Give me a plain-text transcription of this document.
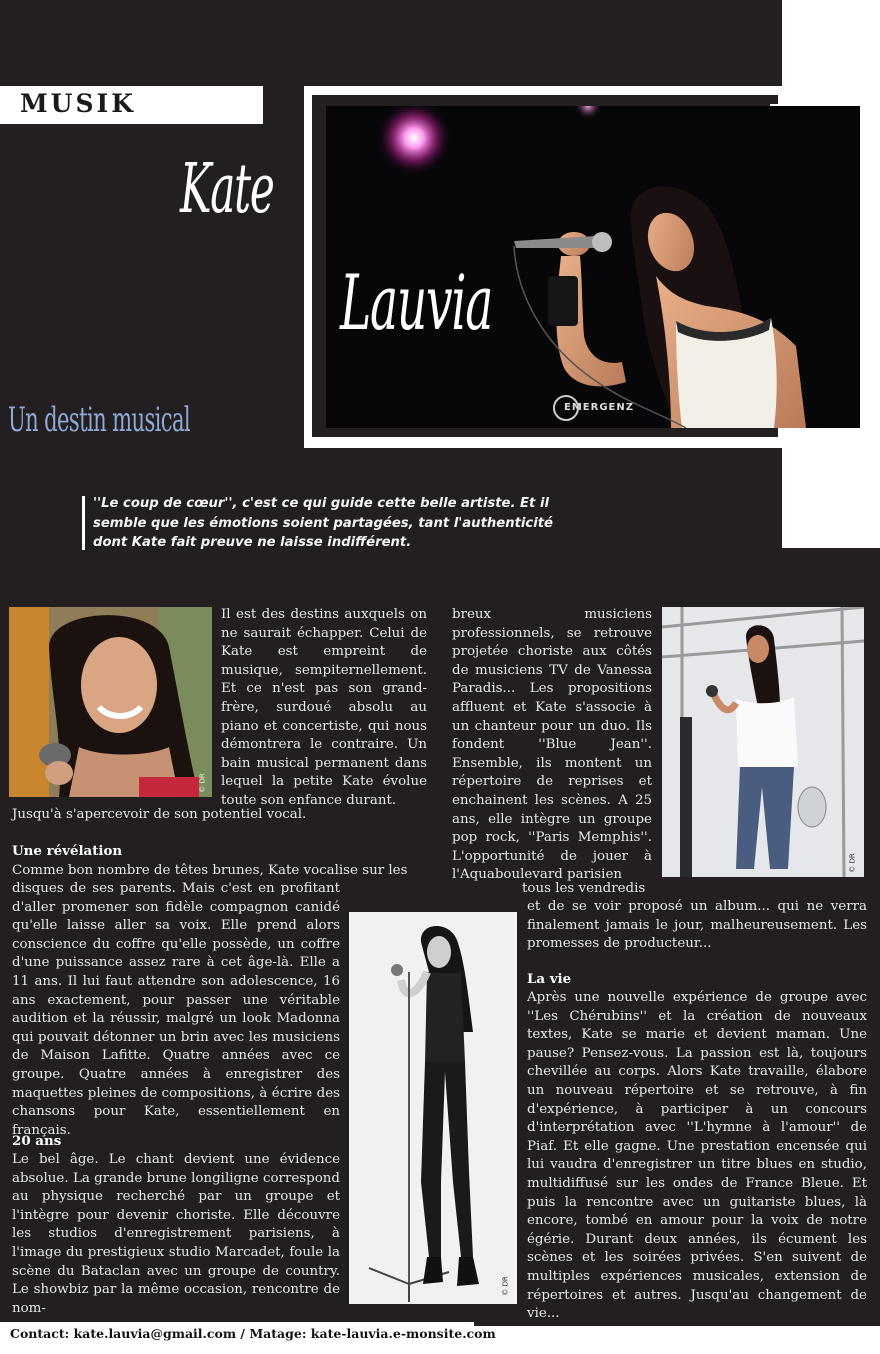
MUSIK
EMERGENZ
Kate
Lauvia
Un destin musical

''Le coup de cœur'', c'est ce qui guide cette belle artiste. Et il semble que les émotions soient partagées, tant l'authenticité dont Kate fait preuve ne laisse indifférent.

© DR

Il est des destins auxquels on ne saurait échapper. Celui de Kate est empreint de musique, sempiternellement. Et ce n'est pas son grand-frère, surdoué absolu au piano et concertiste, qui nous démontrera le contraire. Un bain musical permanent dans lequel la petite Kate évolue toute son enfance durant.

Jusqu'à s'apercevoir de son potentiel vocal.

Une révélation

Comme bon nombre de têtes brunes, Kate vocalise sur les

disques de ses parents. Mais c'est en profitant d'aller promener son fidèle compagnon canidé qu'elle laisse aller sa voix. Elle prend alors conscience du coffre qu'elle possède, un coffre d'une puissance assez rare à cet âge-là. Elle a 11 ans. Il lui faut attendre son adolescence, 16 ans exactement, pour passer une véritable audition et la réussir, malgré un look Madonna qui pouvait détonner un brin avec les musiciens de Maison Lafitte. Quatre années avec ce groupe. Quatre années à enregistrer des maquettes pleines de compositions, à écrire des chansons pour Kate, essentiellement en français.

20 ans

Le bel âge. Le chant devient une évidence absolue. La grande brune longiligne correspond au physique recherché par un groupe et l'intègre pour devenir choriste. Elle découvre les studios d'enregistrement parisiens, à l'image du prestigieux studio Marcadet, foule la scène du Bataclan avec un groupe de country. Le showbiz par la même occasion, rencontre de nom-

© DR

breux musiciens professionnels, se retrouve projetée choriste aux côtés de musiciens TV de Vanessa Paradis... Les propositions affluent et Kate s'associe à un chanteur pour un duo. Ils fondent ''Blue Jean''. Ensemble, ils montent un répertoire de reprises et enchainent les scènes. A 25 ans, elle intègre un groupe pop rock, ''Paris Memphis''. L'opportunité de jouer à l'Aquaboulevard parisien

tous les vendredis

et de se voir proposé un album... qui ne verra finalement jamais le jour, malheureusement. Les promesses de producteur...

La vie

Après une nouvelle expérience de groupe avec ''Les Chérubins'' et la création de nouveaux textes, Kate se marie et devient maman. Une pause? Pensez-vous. La passion est là, toujours chevillée au corps. Alors Kate travaille, élabore un nouveau répertoire et se retrouve, à fin d'expérience, à participer à un concours d'interprétation avec ''L'hymne à l'amour'' de Piaf. Et elle gagne. Une prestation encensée qui lui vaudra d'enregistrer un titre blues en studio, multidiffusé sur les ondes de France Bleue. Et puis la rencontre avec un guitariste blues, là encore, tombé en amour pour la voix de notre égérie. Durant deux années, ils écument les scènes et les soirées privées. S'en suivent de multiples expériences musicales, extension de répertoires et autres. Jusqu'au changement de vie...

© DR
Contact: kate.lauvia@gmail.com / Matage: kate-lauvia.e-monsite.com
